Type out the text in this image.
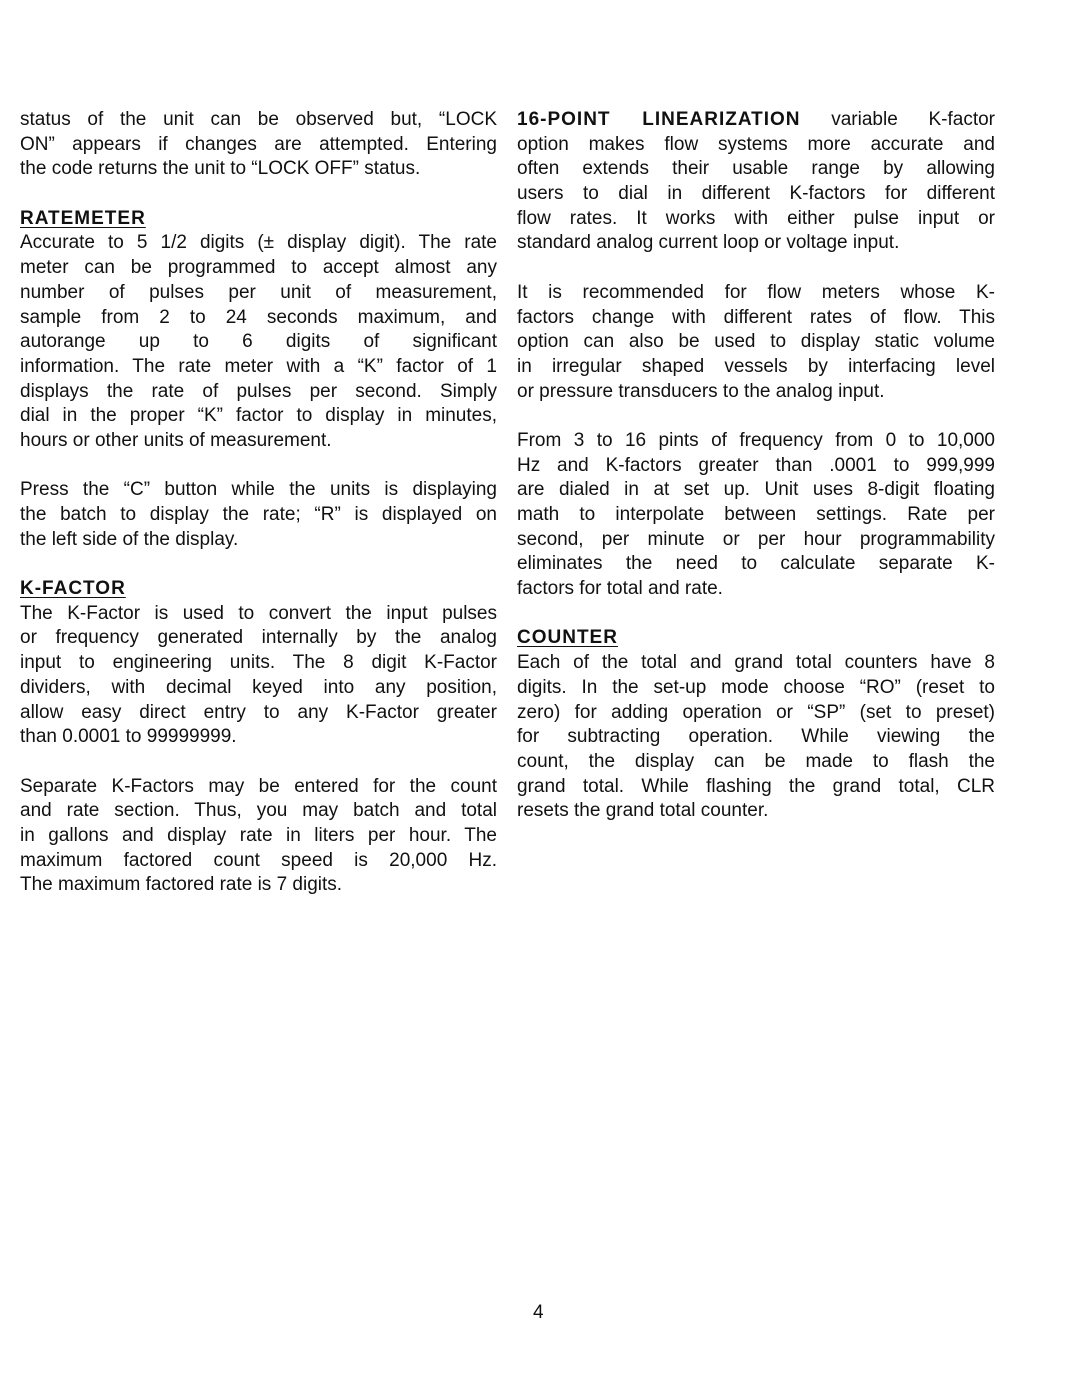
status of the unit can be observed but, “LOCK
ON” appears if changes are attempted. Entering
the code returns the unit to “LOCK OFF” status.
RATEMETER
Accurate to 5 1/2 digits (± display digit). The rate
meter can be programmed to accept almost any
number of pulses per unit of measurement,
sample from 2 to 24 seconds maximum, and
autorange up to 6 digits of significant
information. The rate meter with a “K” factor of 1
displays the rate of pulses per second. Simply
dial in the proper “K” factor to display in minutes,
hours or other units of measurement.
Press the “C” button while the units is displaying
the batch to display the rate; “R” is displayed on
the left side of the display.
K-FACTOR
The K-Factor is used to convert the input pulses
or frequency generated internally by the analog
input to engineering units. The 8 digit K-Factor
dividers, with decimal keyed into any position,
allow easy direct entry to any K-Factor greater
than 0.0001 to 99999999.
Separate K-Factors may be entered for the count
and rate section. Thus, you may batch and total
in gallons and display rate in liters per hour. The
maximum factored count speed is 20,000 Hz.
The maximum factored rate is 7 digits.
16-POINT LINEARIZATION variable K-factor
option makes flow systems more accurate and
often extends their usable range by allowing
users to dial in different K-factors for different
flow rates. It works with either pulse input or
standard analog current loop or voltage input.
It is recommended for flow meters whose K-
factors change with different rates of flow. This
option can also be used to display static volume
in irregular shaped vessels by interfacing level
or pressure transducers to the analog input.
From 3 to 16 pints of frequency from 0 to 10,000
Hz and K-factors greater than .0001 to 999,999
are dialed in at set up. Unit uses 8-digit floating
math to interpolate between settings. Rate per
second, per minute or per hour programmability
eliminates the need to calculate separate K-
factors for total and rate.
COUNTER
Each of the total and grand total counters have 8
digits. In the set-up mode choose “RO” (reset to
zero) for adding operation or “SP” (set to preset)
for subtracting operation. While viewing the
count, the display can be made to flash the
grand total. While flashing the grand total, CLR
resets the grand total counter.
4
